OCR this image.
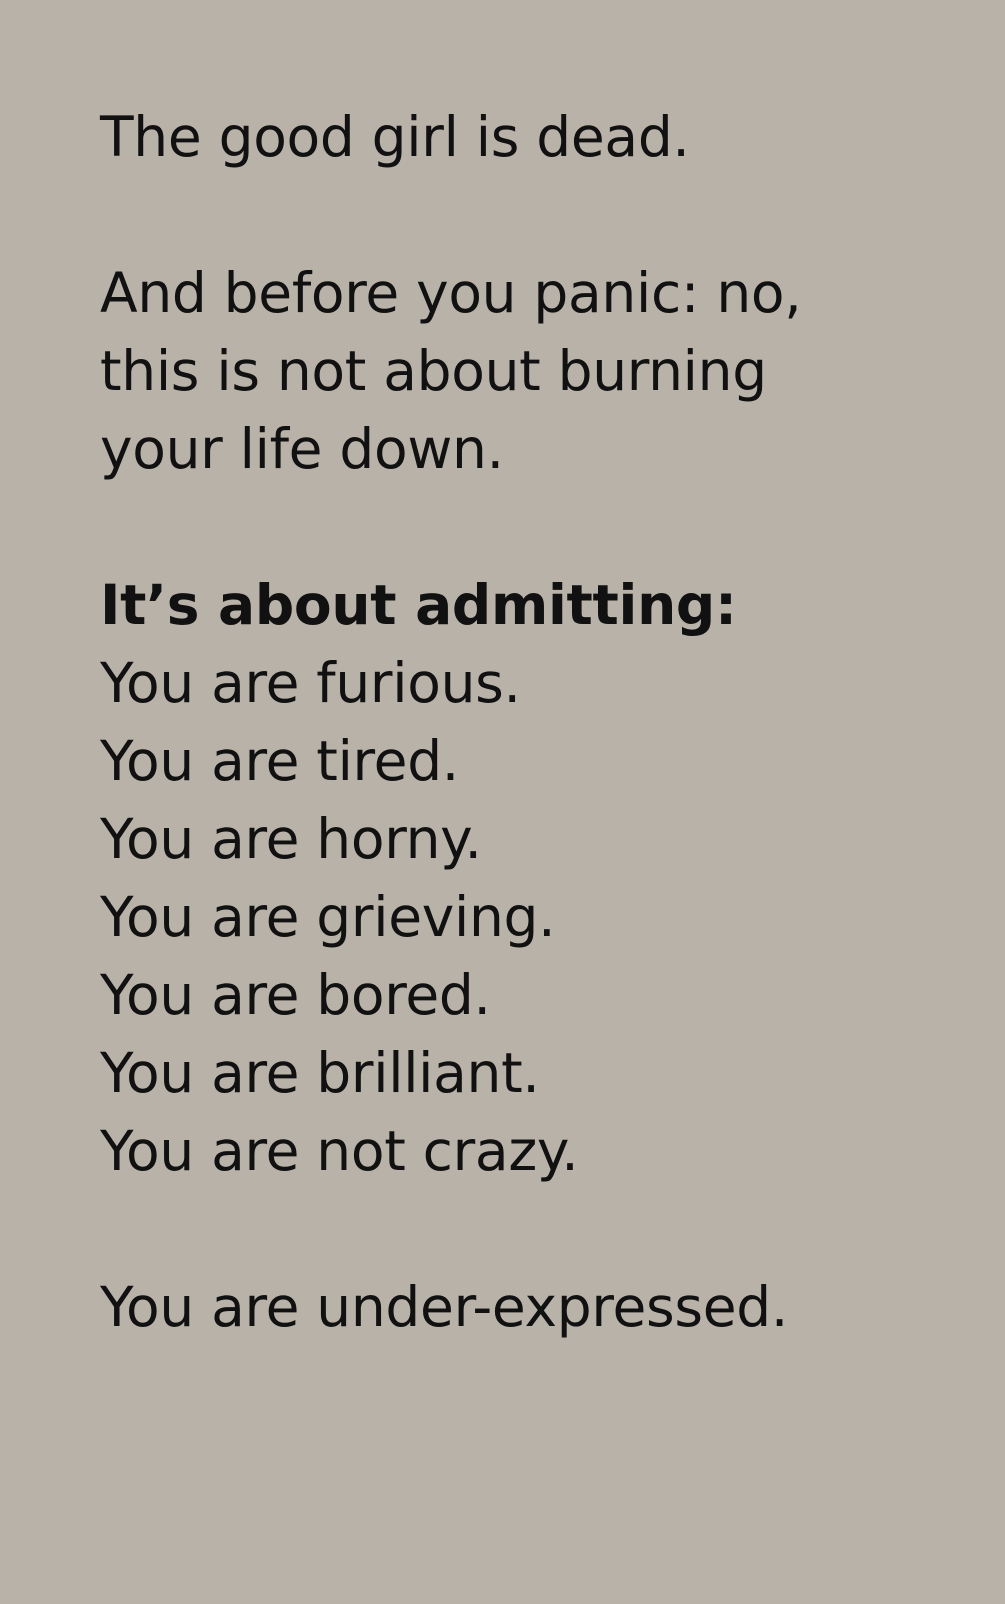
The good girl is dead.
And before you panic: no,
this is not about burning
your life down.
It’s about admitting:
You are furious.
You are tired.
You are horny.
You are grieving.
You are bored.
You are brilliant.
You are not crazy.
You are under-expressed.
